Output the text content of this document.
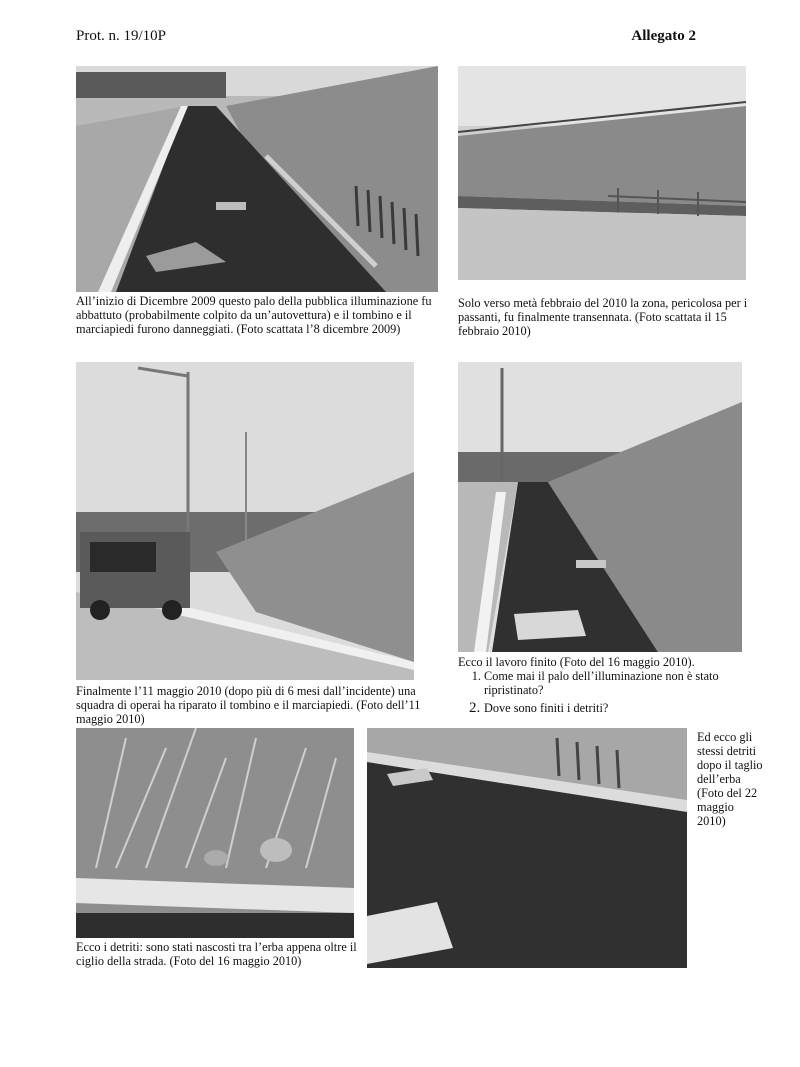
Prot. n. 19/10P	Allegato 2
All’inizio di Dicembre 2009 questo palo della pubblica illuminazione fu abbattuto (probabilmente colpito da un’autovettura) e il tombino e il marciapiedi furono danneggiati. (Foto scattata l’8 dicembre 2009)
Solo verso metà febbraio del 2010 la zona, pericolosa per i passanti, fu finalmente transennata. (Foto scattata il 15 febbraio 2010)
Finalmente l’11 maggio 2010 (dopo più di 6 mesi dall’incidente) una squadra di operai ha riparato il tombino e il marciapiedi. (Foto dell’11 maggio 2010)
Ecco il lavoro finito (Foto del 16 maggio 2010).
1. Come mai il palo dell’illuminazione non è stato ripristinato?
2. Dove sono finiti i detriti?
Ecco i detriti: sono stati nascosti tra l’erba appena oltre il ciglio della strada. (Foto del 16 maggio 2010)
Ed ecco gli stessi detriti dopo il taglio dell’erba (Foto del 22 maggio 2010)
